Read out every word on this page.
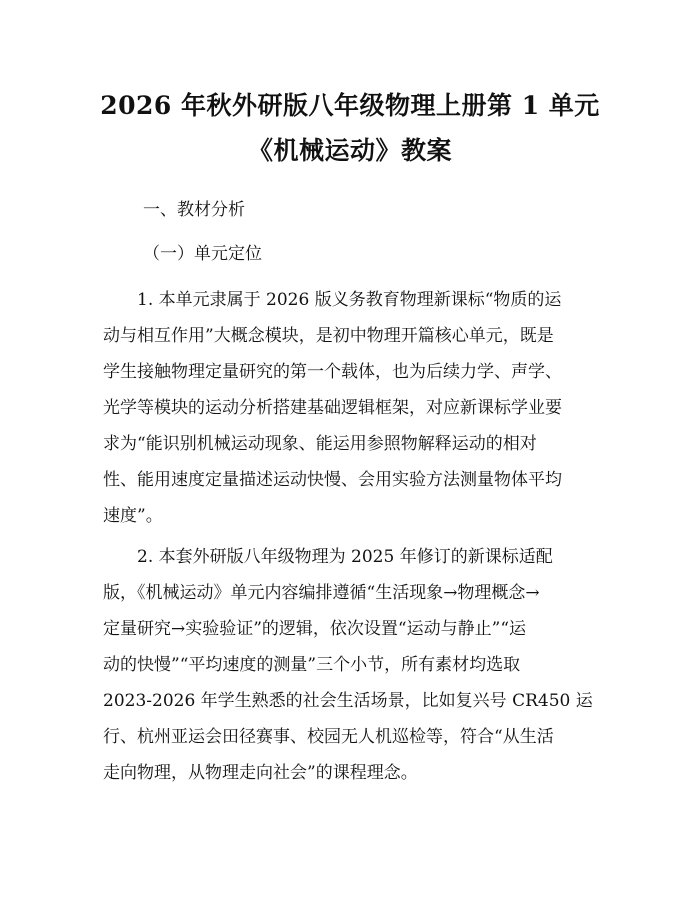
2026 年秋外研版八年级物理上册第 1 单元
《机械运动》教案
一、教材分析
（一）单元定位
　　1. 本单元隶属于 2026 版义务教育物理新课标“物质的运
动与相互作用”大概念模块，是初中物理开篇核心单元，既是
学生接触物理定量研究的第一个载体，也为后续力学、声学、
光学等模块的运动分析搭建基础逻辑框架，对应新课标学业要
求为“能识别机械运动现象、能运用参照物解释运动的相对
性、能用速度定量描述运动快慢、会用实验方法测量物体平均
速度”。
　　2. 本套外研版八年级物理为 2025 年修订的新课标适配
版，《机械运动》单元内容编排遵循“生活现象→物理概念→
定量研究→实验验证”的逻辑，依次设置“运动与静止”“运
动的快慢”“平均速度的测量”三个小节，所有素材均选取
2023-2026 年学生熟悉的社会生活场景，比如复兴号 CR450 运
行、杭州亚运会田径赛事、校园无人机巡检等，符合“从生活
走向物理，从物理走向社会”的课程理念。
